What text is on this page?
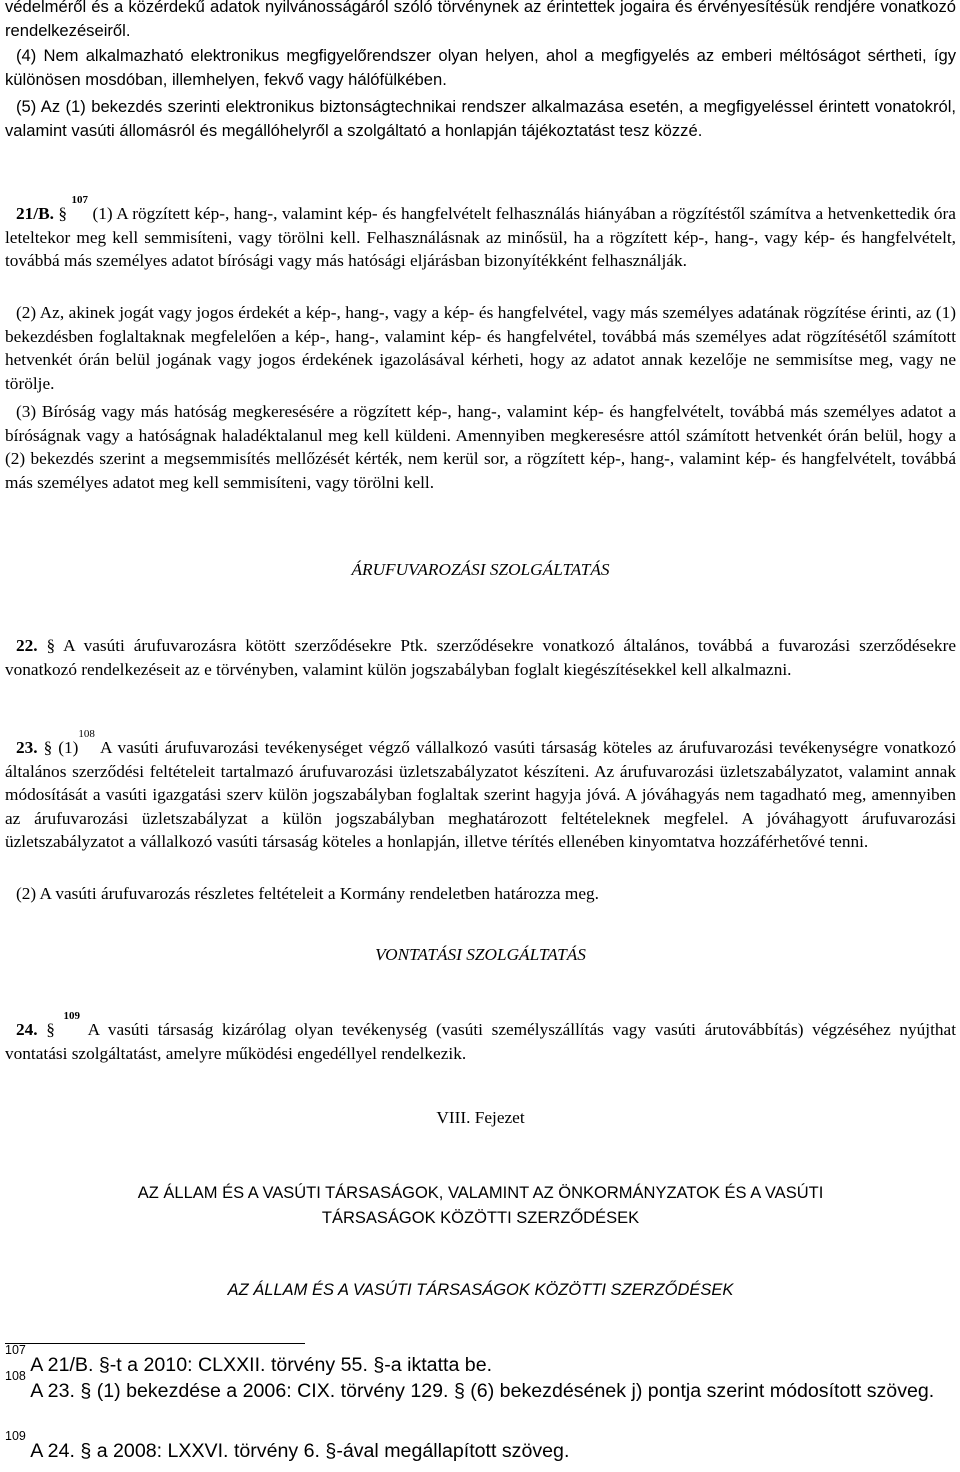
védelméről és a közérdekű adatok nyilvánosságáról szóló törvénynek az érintettek jogaira és érvényesítésük rendjére vonatkozó rendelkezéseiről.

(4) Nem alkalmazható elektronikus megfigyelőrendszer olyan helyen, ahol a megfigyelés az emberi méltóságot sértheti, így különösen mosdóban, illemhelyen, fekvő vagy hálófülkében.

(5) Az (1) bekezdés szerinti elektronikus biztonságtechnikai rendszer alkalmazása esetén, a megfigyeléssel érintett vonatokról, valamint vasúti állomásról és megállóhelyről a szolgáltató a honlapján tájékoztatást tesz közzé.

21/B. § $^{107}$ (1) A rögzített kép-, hang-, valamint kép- és hangfelvételt felhasználás hiányában a rögzítéstől számítva a hetvenkettedik óra leteltekor meg kell semmisíteni, vagy törölni kell. Felhasználásnak az minősül, ha a rögzített kép-, hang-, vagy kép- és hangfelvételt, továbbá más személyes adatot bírósági vagy más hatósági eljárásban bizonyítékként felhasználják.

(2) Az, akinek jogát vagy jogos érdekét a kép-, hang-, vagy a kép- és hangfelvétel, vagy más személyes adatának rögzítése érinti, az (1) bekezdésben foglaltaknak megfelelően a kép-, hang-, valamint kép- és hangfelvétel, továbbá más személyes adat rögzítésétől számított hetvenkét órán belül jogának vagy jogos érdekének igazolásával kérheti, hogy az adatot annak kezelője ne semmisítse meg, vagy ne törölje.

(3) Bíróság vagy más hatóság megkeresésére a rögzített kép-, hang-, valamint kép- és hangfelvételt, továbbá más személyes adatot a bíróságnak vagy a hatóságnak haladéktalanul meg kell küldeni. Amennyiben megkeresésre attól számított hetvenkét órán belül, hogy a (2) bekezdés szerint a megsemmisítés mellőzését kérték, nem kerül sor, a rögzített kép-, hang-, valamint kép- és hangfelvételt, továbbá más személyes adatot meg kell semmisíteni, vagy törölni kell.

ÁRUFUVAROZÁSI SZOLGÁLTATÁS

22. § A vasúti árufuvarozásra kötött szerződésekre Ptk. szerződésekre vonatkozó általános, továbbá a fuvarozási szerződésekre vonatkozó rendelkezéseit az e törvényben, valamint külön jogszabályban foglalt kiegészítésekkel kell alkalmazni.

23. § (1)$^{108}$ A vasúti árufuvarozási tevékenységet végző vállalkozó vasúti társaság köteles az árufuvarozási tevékenységre vonatkozó általános szerződési feltételeit tartalmazó árufuvarozási üzletszabályzatot készíteni. Az árufuvarozási üzletszabályzatot, valamint annak módosítását a vasúti igazgatási szerv külön jogszabályban foglaltak szerint hagyja jóvá. A jóváhagyás nem tagadható meg, amennyiben az árufuvarozási üzletszabályzat a külön jogszabályban meghatározott feltételeknek megfelel. A jóváhagyott árufuvarozási üzletszabályzatot a vállalkozó vasúti társaság köteles a honlapján, illetve térítés ellenében kinyomtatva hozzáférhetővé tenni.

(2) A vasúti árufuvarozás részletes feltételeit a Kormány rendeletben határozza meg.

VONTATÁSI SZOLGÁLTATÁS

24. § $^{109}$ A vasúti társaság kizárólag olyan tevékenység (vasúti személyszállítás vagy vasúti árutovábbítás) végzéséhez nyújthat vontatási szolgáltatást, amelyre működési engedéllyel rendelkezik.

VIII. Fejezet

AZ ÁLLAM ÉS A VASÚTI TÁRSASÁGOK, VALAMINT AZ ÖNKORMÁNYZATOK ÉS A VASÚTI

TÁRSASÁGOK KÖZÖTTI SZERZŐDÉSEK

AZ ÁLLAM ÉS A VASÚTI TÁRSASÁGOK KÖZÖTTI SZERZŐDÉSEK

$^{107}$ A 21/B. §-t a 2010: CLXXII. törvény 55. §-a iktatta be.

$^{108}$ A 23. § (1) bekezdése a 2006: CIX. törvény 129. § (6) bekezdésének j) pontja szerint módosított szöveg.

$^{109}$ A 24. § a 2008: LXXVI. törvény 6. §-ával megállapított szöveg.
